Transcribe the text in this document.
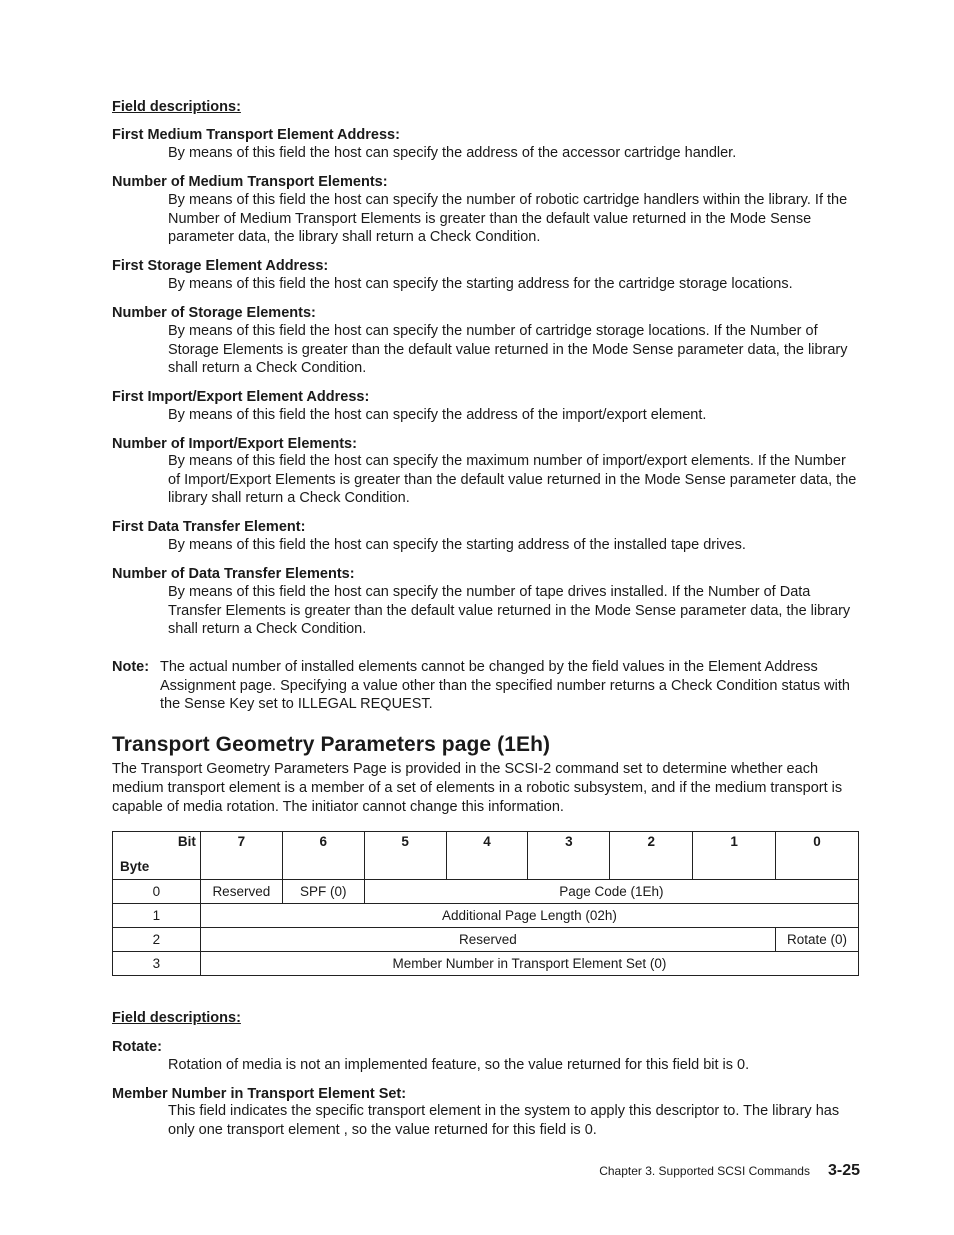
Field descriptions:
First Medium Transport Element Address:
By means of this field the host can specify the address of the accessor cartridge handler.
Number of Medium Transport Elements:
By means of this field the host can specify the number of robotic cartridge handlers within the library. If the Number of Medium Transport Elements is greater than the default value returned in the Mode Sense parameter data, the library shall return a Check Condition.
First Storage Element Address:
By means of this field the host can specify the starting address for the cartridge storage locations.
Number of Storage Elements:
By means of this field the host can specify the number of cartridge storage locations. If the Number of Storage Elements is greater than the default value returned in the Mode Sense parameter data, the library shall return a Check Condition.
First Import/Export Element Address:
By means of this field the host can specify the address of the import/export element.
Number of Import/Export Elements:
By means of this field the host can specify the maximum number of import/export elements. If the Number of Import/Export Elements is greater than the default value returned in the Mode Sense parameter data, the library shall return a Check Condition.
First Data Transfer Element:
By means of this field the host can specify the starting address of the installed tape drives.
Number of Data Transfer Elements:
By means of this field the host can specify the number of tape drives installed. If the Number of Data Transfer Elements is greater than the default value returned in the Mode Sense parameter data, the library shall return a Check Condition.
Note: The actual number of installed elements cannot be changed by the field values in the Element Address Assignment page. Specifying a value other than the specified number returns a Check Condition status with the Sense Key set to ILLEGAL REQUEST.
Transport Geometry Parameters page (1Eh)
The Transport Geometry Parameters Page is provided in the SCSI-2 command set to determine whether each medium transport element is a member of a set of elements in a robotic subsystem, and if the medium transport is capable of media rotation. The initiator cannot change this information.
Bit
Byte	7	6	5	4	3	2	1	0
0	Reserved	SPF (0)	Page Code (1Eh)					
1	Additional Page Length (02h)							
2	Reserved							Rotate (0)
3	Member Number in Transport Element Set (0)							
Field descriptions:
Rotate:
Rotation of media is not an implemented feature, so the value returned for this field bit is 0.
Member Number in Transport Element Set:
This field indicates the specific transport element in the system to apply this descriptor to. The library has only one transport element , so the value returned for this field is 0.
Chapter 3. Supported SCSI Commands 3-25
